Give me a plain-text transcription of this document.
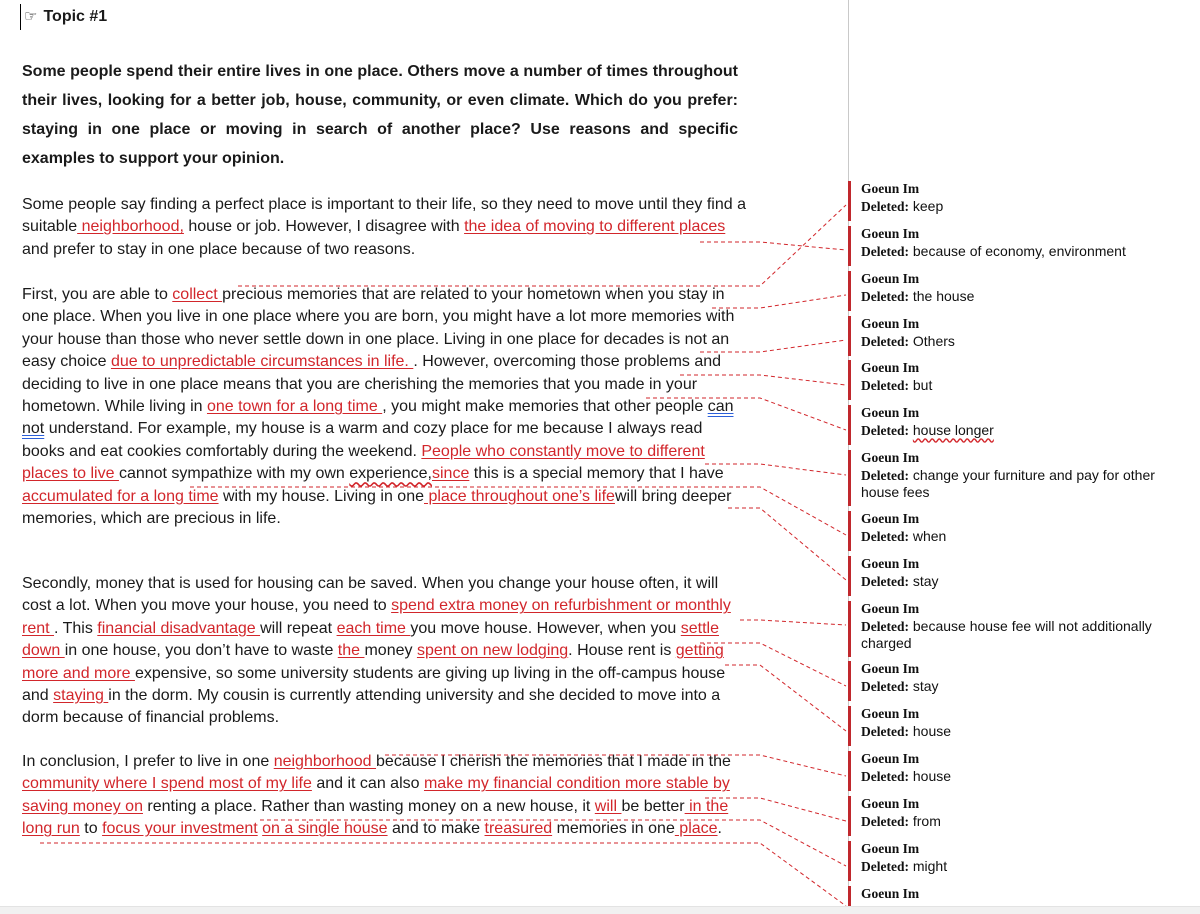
☞ Topic #1
Some people spend their entire lives in one place. Others move a number of times throughout their lives, looking for a better job, house, community, or even climate. Which do you prefer: staying in one place or moving in search of another place? Use reasons and specific examples to support your opinion.
Some people say finding a perfect place is important to their life, so they need to move until they find a suitable neighborhood, house or job. However, I disagree with the idea of moving to different places and prefer to stay in one place because of two reasons.
First, you are able to collect precious memories that are related to your hometown when you stay in one place. When you live in one place where you are born, you might have a lot more memories with your house than those who never settle down in one place. Living in one place for decades is not an easy choice due to unpredictable circumstances in life. . However, overcoming those problems and deciding to live in one place means that you are cherishing the memories that you made in your hometown. While living in one town for a long time , you might make memories that other people can not understand. For example, my house is a warm and cozy place for me because I always read books and eat cookies comfortably during the weekend. People who constantly move to different places to live cannot sympathize with my own experience,since this is a special memory that I have accumulated for a long time with my house. Living in one place throughout one’s lifewill bring deeper memories, which are precious in life.
Secondly, money that is used for housing can be saved. When you change your house often, it will cost a lot. When you move your house, you need to spend extra money on refurbishment or monthly rent . This financial disadvantage will repeat each time you move house. However, when you settle down in one house, you don’t have to waste the money spent on new lodging. House rent is getting more and more expensive, so some university students are giving up living in the off-campus house and staying in the dorm. My cousin is currently attending university and she decided to move into a dorm because of financial problems.
In conclusion, I prefer to live in one neighborhood because I cherish the memories that I made in the community where I spend most of my life and it can also make my financial condition more stable by saving money on renting a place. Rather than wasting money on a new house, it will be better in the long run to focus your investment on a single house and to make treasured memories in one place.
Goeun Im
Deleted: keep
Goeun Im
Deleted: because of economy, environment
Goeun Im
Deleted: the house
Goeun Im
Deleted: Others
Goeun Im
Deleted: but
Goeun Im
Deleted: house longer
Goeun Im
Deleted: change your furniture and pay for other house fees
Goeun Im
Deleted: when
Goeun Im
Deleted: stay
Goeun Im
Deleted: because house fee will not additionally charged
Goeun Im
Deleted: stay
Goeun Im
Deleted: house
Goeun Im
Deleted: house
Goeun Im
Deleted: from
Goeun Im
Deleted: might
Goeun Im
